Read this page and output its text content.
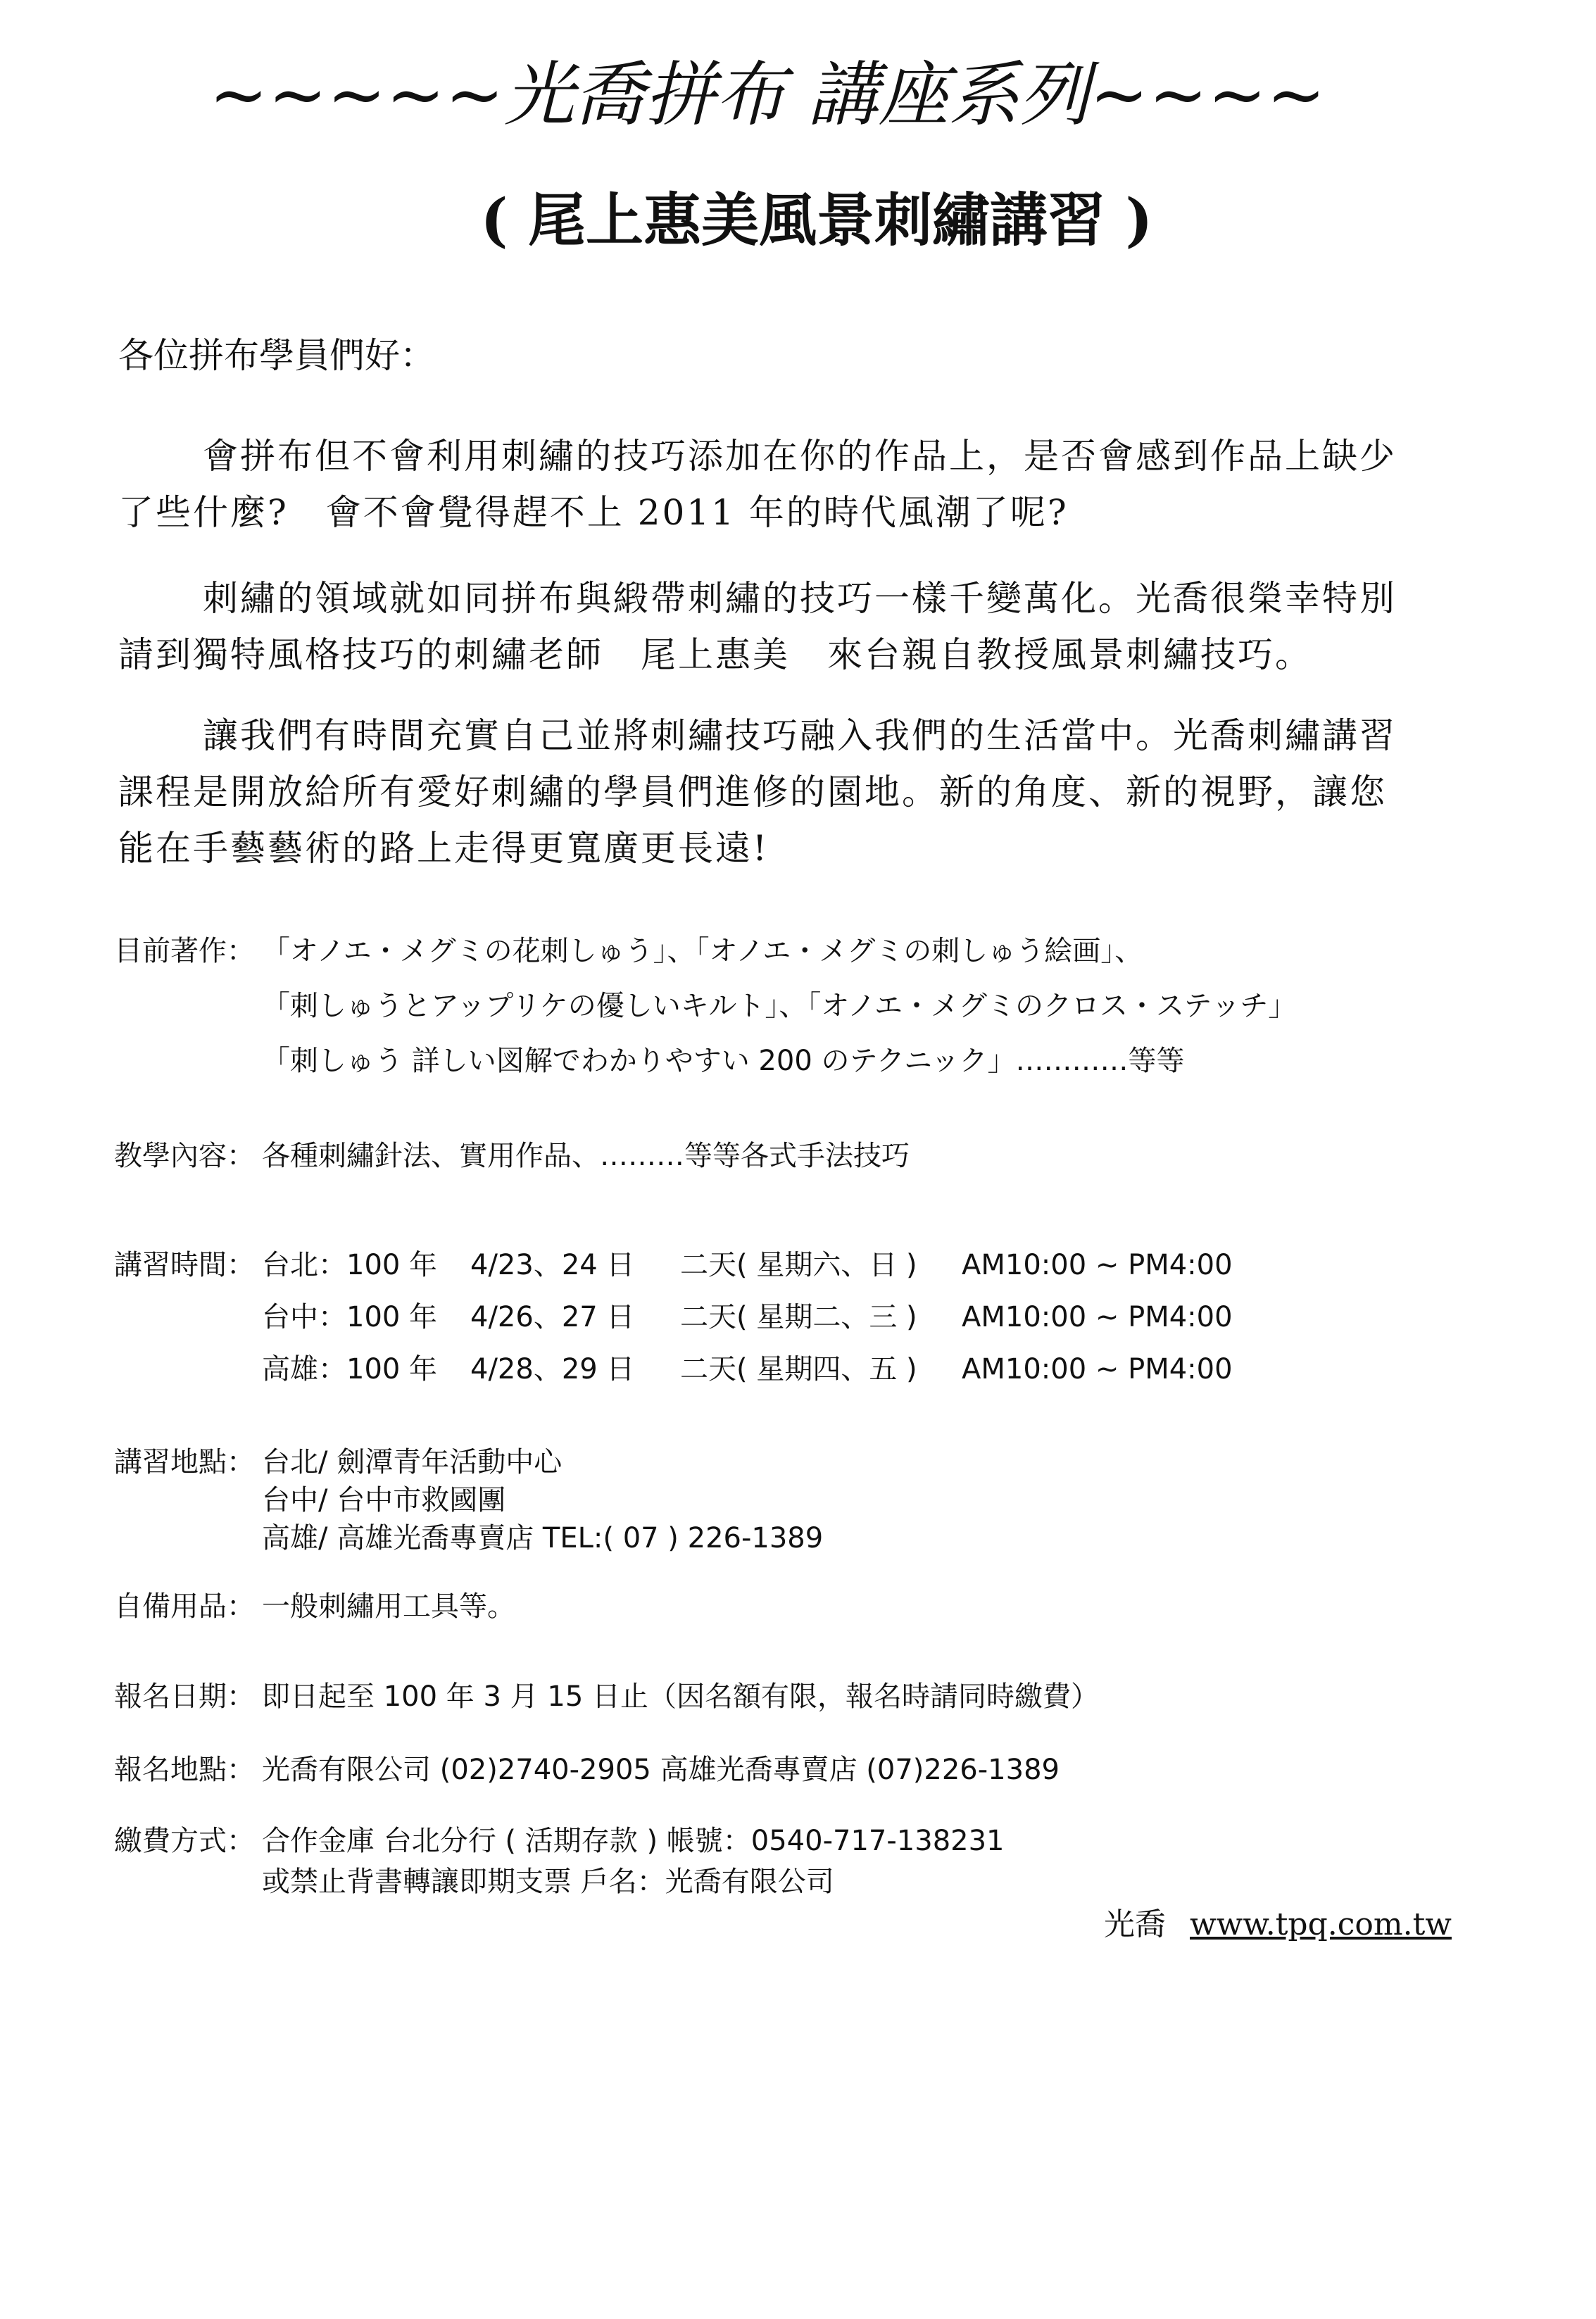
~~~~~光喬拼布 講座系列~~~~
( 尾上惠美風景刺繡講習 )
各位拼布學員們好：
會拼布但不會利用刺繡的技巧添加在你的作品上，是否會感到作品上缺少
了些什麼?　會不會覺得趕不上 2011 年的時代風潮了呢?
刺繡的領域就如同拼布與緞帶刺繡的技巧一樣千變萬化。光喬很榮幸特別
請到獨特風格技巧的刺繡老師　尾上惠美　來台親自教授風景刺繡技巧。
讓我們有時間充實自己並將刺繡技巧融入我們的生活當中。光喬刺繡講習
課程是開放給所有愛好刺繡的學員們進修的園地。新的角度、新的視野，讓您
能在手藝藝術的路上走得更寬廣更長遠!
目前著作： 「オノエ・メグミの花刺しゅう」、「オノエ・メグミの刺しゅう絵画」、
「刺しゅうとアップリケの優しいキルト」、「オノエ・メグミのクロス・ステッチ」
「刺しゅう 詳しい図解でわかりやすい 200 のテクニック」…………等等
教學內容： 各種刺繡針法、實用作品、………等等各式手法技巧
講習時間： 台北：100 年	4/23、24 日	二天( 星期六、日 )	AM10:00 ~ PM4:00
台中：100 年	4/26、27 日	二天( 星期二、三 )	AM10:00 ~ PM4:00
高雄：100 年	4/28、29 日	二天( 星期四、五 )	AM10:00 ~ PM4:00
講習地點： 台北/ 劍潭青年活動中心
台中/ 台中市救國團
高雄/ 高雄光喬專賣店 TEL:( 07 ) 226-1389
自備用品： 一般刺繡用工具等。
報名日期： 即日起至 100 年 3 月 15 日止（因名額有限，報名時請同時繳費）
報名地點： 光喬有限公司 (02)2740-2905 高雄光喬專賣店 (07)226-1389
繳費方式： 合作金庫 台北分行 ( 活期存款 ) 帳號：0540-717-138231
或禁止背書轉讓即期支票 戶名：光喬有限公司
光喬 www.tpq.com.tw
